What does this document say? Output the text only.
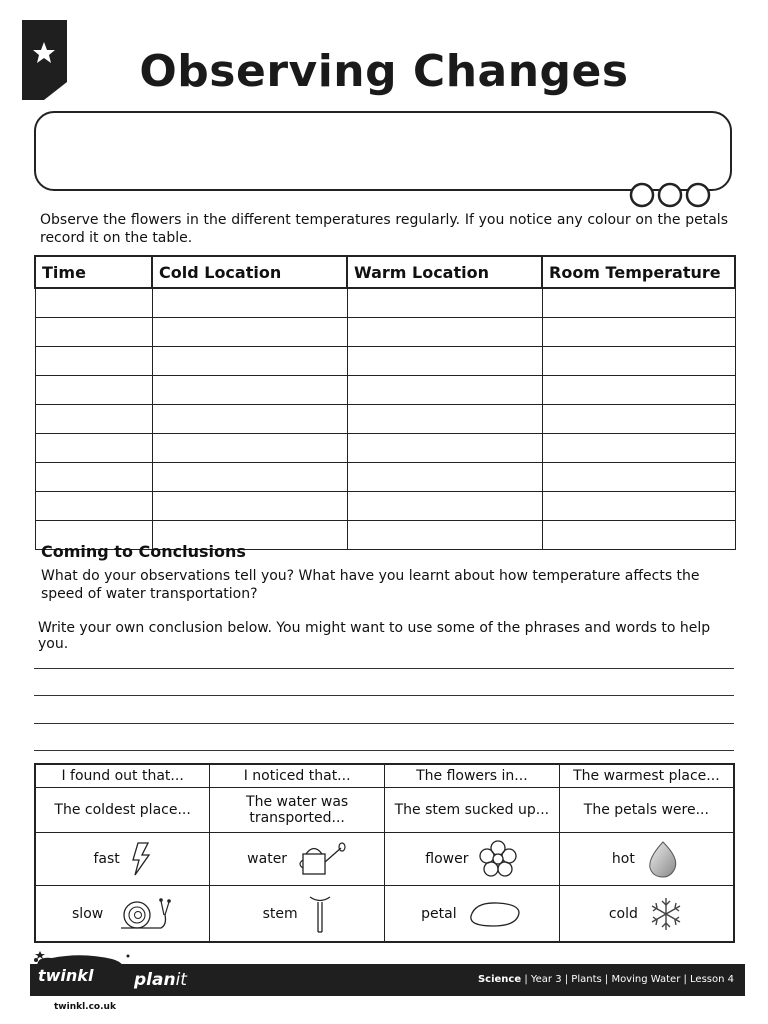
Observing Changes
Observe the flowers in the different temperatures regularly. If you notice any colour on the petals record it on the table.
Time	Cold Location	Warm Location	Room Temperature

Coming to Conclusions
What do your observations tell you? What have you learnt about how temperature affects the speed of water transportation?
Write your own conclusion below. You might want to use some of the phrases and words to help you.
I found out that...	I noticed that...	The flowers in...	The warmest place...
The coldest place...	The water was transported...	The stem sucked up...	The petals were...

fast	water	flower	hot

slow	stem	petal	cold
twinkl planit	Science | Year 3 | Plants | Moving Water | Lesson 4
twinkl.co.uk
